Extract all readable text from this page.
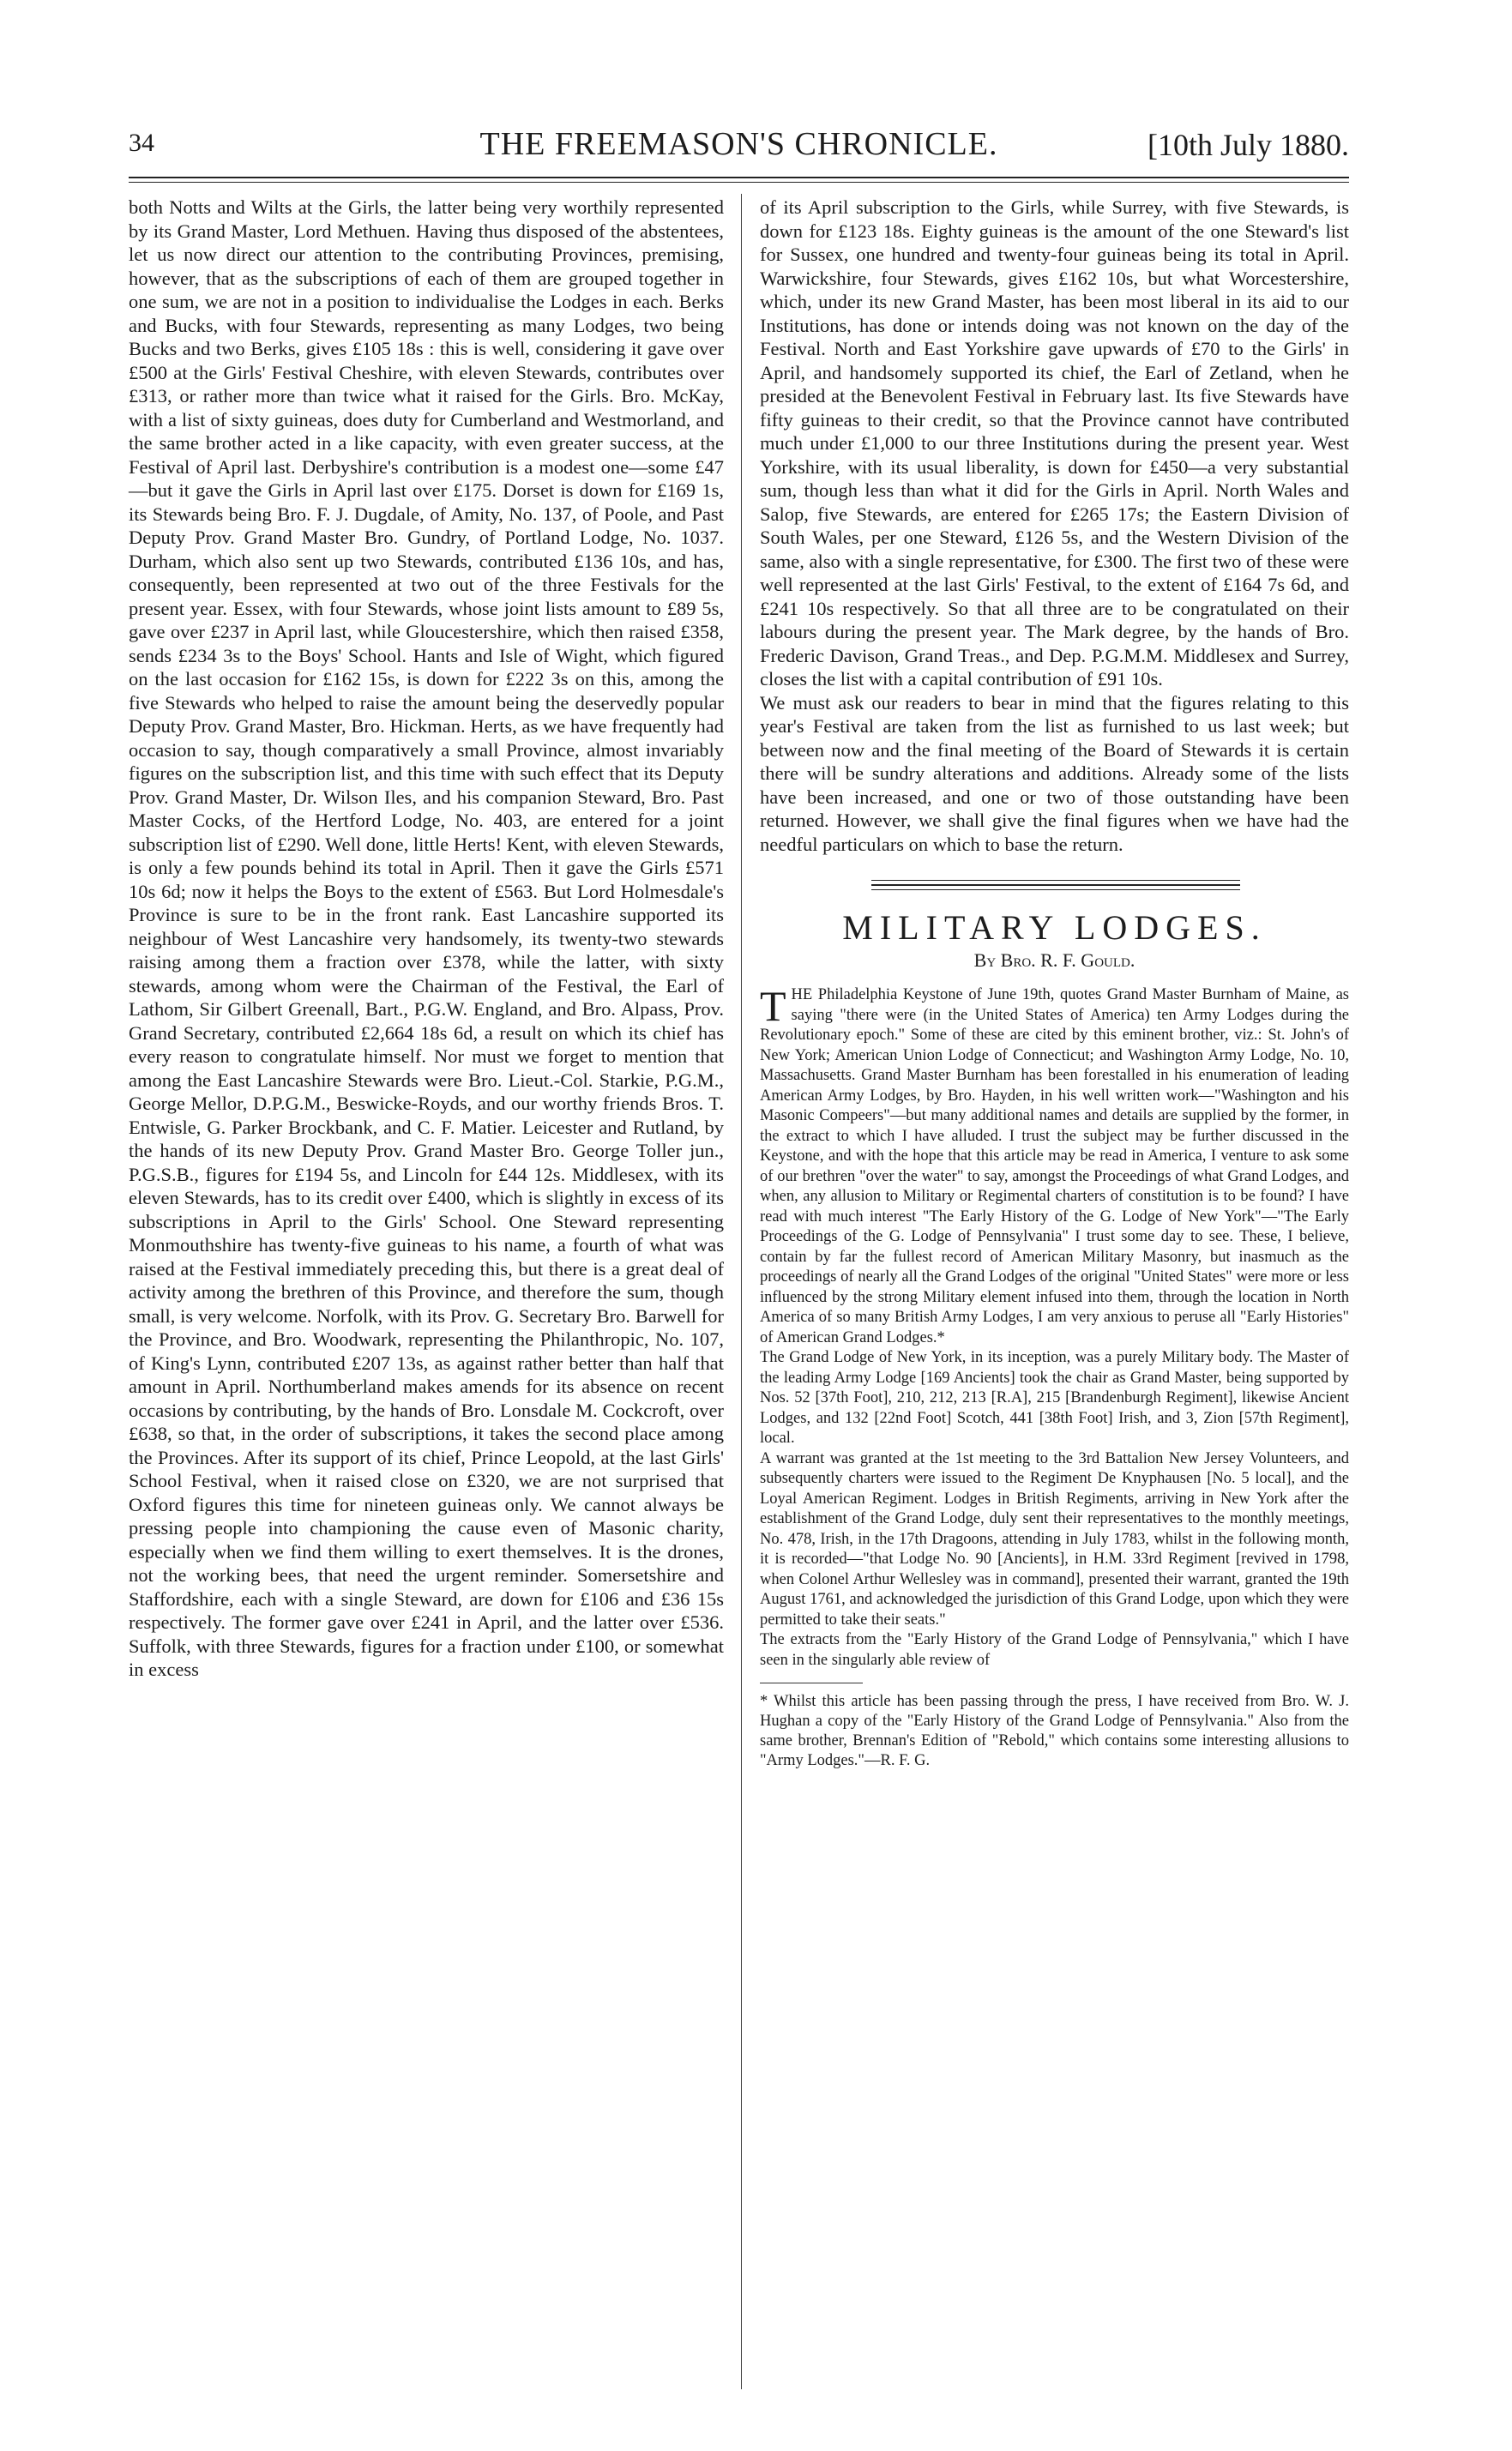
34	THE FREEMASON'S CHRONICLE.	[10th July 1880.

both Notts and Wilts at the Girls, the latter being very worthily represented by its Grand Master, Lord Methuen. Having thus disposed of the abstentees, let us now direct our attention to the contributing Provinces, premising, however, that as the subscriptions of each of them are grouped together in one sum, we are not in a position to individualise the Lodges in each. Berks and Bucks, with four Stewards, representing as many Lodges, two being Bucks and two Berks, gives £105 18s : this is well, considering it gave over £500 at the Girls' Festival Cheshire, with eleven Stewards, contributes over £313, or rather more than twice what it raised for the Girls. Bro. McKay, with a list of sixty guineas, does duty for Cumberland and Westmorland, and the same brother acted in a like capacity, with even greater success, at the Festival of April last. Derbyshire's contribution is a modest one—some £47—but it gave the Girls in April last over £175. Dorset is down for £169 1s, its Stewards being Bro. F. J. Dugdale, of Amity, No. 137, of Poole, and Past Deputy Prov. Grand Master Bro. Gundry, of Portland Lodge, No. 1037. Durham, which also sent up two Stewards, contributed £136 10s, and has, consequently, been represented at two out of the three Festivals for the present year. Essex, with four Stewards, whose joint lists amount to £89 5s, gave over £237 in April last, while Gloucestershire, which then raised £358, sends £234 3s to the Boys' School. Hants and Isle of Wight, which figured on the last occasion for £162 15s, is down for £222 3s on this, among the five Stewards who helped to raise the amount being the deservedly popular Deputy Prov. Grand Master, Bro. Hickman. Herts, as we have frequently had occasion to say, though comparatively a small Province, almost invariably figures on the subscription list, and this time with such effect that its Deputy Prov. Grand Master, Dr. Wilson Iles, and his companion Steward, Bro. Past Master Cocks, of the Hertford Lodge, No. 403, are entered for a joint subscription list of £290. Well done, little Herts! Kent, with eleven Stewards, is only a few pounds behind its total in April. Then it gave the Girls £571 10s 6d; now it helps the Boys to the extent of £563. But Lord Holmesdale's Province is sure to be in the front rank. East Lancashire supported its neighbour of West Lancashire very handsomely, its twenty-two stewards raising among them a fraction over £378, while the latter, with sixty stewards, among whom were the Chairman of the Festival, the Earl of Lathom, Sir Gilbert Greenall, Bart., P.G.W. England, and Bro. Alpass, Prov. Grand Secretary, contributed £2,664 18s 6d, a result on which its chief has every reason to congratulate himself. Nor must we forget to mention that among the East Lancashire Stewards were Bro. Lieut.-Col. Starkie, P.G.M., George Mellor, D.P.G.M., Beswicke-Royds, and our worthy friends Bros. T. Entwisle, G. Parker Brockbank, and C. F. Matier. Leicester and Rutland, by the hands of its new Deputy Prov. Grand Master Bro. George Toller jun., P.G.S.B., figures for £194 5s, and Lincoln for £44 12s. Middlesex, with its eleven Stewards, has to its credit over £400, which is slightly in excess of its subscriptions in April to the Girls' School. One Steward representing Monmouthshire has twenty-five guineas to his name, a fourth of what was raised at the Festival immediately preceding this, but there is a great deal of activity among the brethren of this Province, and therefore the sum, though small, is very welcome. Norfolk, with its Prov. G. Secretary Bro. Barwell for the Province, and Bro. Woodwark, representing the Philanthropic, No. 107, of King's Lynn, contributed £207 13s, as against rather better than half that amount in April. Northumberland makes amends for its absence on recent occasions by contributing, by the hands of Bro. Lonsdale M. Cockcroft, over £638, so that, in the order of subscriptions, it takes the second place among the Provinces. After its support of its chief, Prince Leopold, at the last Girls' School Festival, when it raised close on £320, we are not surprised that Oxford figures this time for nineteen guineas only. We cannot always be pressing people into championing the cause even of Masonic charity, especially when we find them willing to exert themselves. It is the drones, not the working bees, that need the urgent reminder. Somersetshire and Staffordshire, each with a single Steward, are down for £106 and £36 15s respectively. The former gave over £241 in April, and the latter over £536. Suffolk, with three Stewards, figures for a fraction under £100, or somewhat in excess

of its April subscription to the Girls, while Surrey, with five Stewards, is down for £123 18s. Eighty guineas is the amount of the one Steward's list for Sussex, one hundred and twenty-four guineas being its total in April. Warwickshire, four Stewards, gives £162 10s, but what Worcestershire, which, under its new Grand Master, has been most liberal in its aid to our Institutions, has done or intends doing was not known on the day of the Festival. North and East Yorkshire gave upwards of £70 to the Girls' in April, and handsomely supported its chief, the Earl of Zetland, when he presided at the Benevolent Festival in February last. Its five Stewards have fifty guineas to their credit, so that the Province cannot have contributed much under £1,000 to our three Institutions during the present year. West Yorkshire, with its usual liberality, is down for £450—a very substantial sum, though less than what it did for the Girls in April. North Wales and Salop, five Stewards, are entered for £265 17s; the Eastern Division of South Wales, per one Steward, £126 5s, and the Western Division of the same, also with a single representative, for £300. The first two of these were well represented at the last Girls' Festival, to the extent of £164 7s 6d, and £241 10s respectively. So that all three are to be congratulated on their labours during the present year. The Mark degree, by the hands of Bro. Frederic Davison, Grand Treas., and Dep. P.G.M.M. Middlesex and Surrey, closes the list with a capital contribution of £91 10s.

We must ask our readers to bear in mind that the figures relating to this year's Festival are taken from the list as furnished to us last week; but between now and the final meeting of the Board of Stewards it is certain there will be sundry alterations and additions. Already some of the lists have been increased, and one or two of those outstanding have been returned. However, we shall give the final figures when we have had the needful particulars on which to base the return.

MILITARY LODGES.
By Bro. R. F. Gould.

THE Philadelphia Keystone of June 19th, quotes Grand Master Burnham of Maine, as saying "there were (in the United States of America) ten Army Lodges during the Revolutionary epoch." Some of these are cited by this eminent brother, viz.: St. John's of New York; American Union Lodge of Connecticut; and Washington Army Lodge, No. 10, Massachusetts. Grand Master Burnham has been forestalled in his enumeration of leading American Army Lodges, by Bro. Hayden, in his well written work—"Washington and his Masonic Compeers"—but many additional names and details are supplied by the former, in the extract to which I have alluded. I trust the subject may be further discussed in the Keystone, and with the hope that this article may be read in America, I venture to ask some of our brethren "over the water" to say, amongst the Proceedings of what Grand Lodges, and when, any allusion to Military or Regimental charters of constitution is to be found? I have read with much interest "The Early History of the G. Lodge of New York"—"The Early Proceedings of the G. Lodge of Pennsylvania" I trust some day to see. These, I believe, contain by far the fullest record of American Military Masonry, but inasmuch as the proceedings of nearly all the Grand Lodges of the original "United States" were more or less influenced by the strong Military element infused into them, through the location in North America of so many British Army Lodges, I am very anxious to peruse all "Early Histories" of American Grand Lodges.*

The Grand Lodge of New York, in its inception, was a purely Military body. The Master of the leading Army Lodge [169 Ancients] took the chair as Grand Master, being supported by Nos. 52 [37th Foot], 210, 212, 213 [R.A], 215 [Brandenburgh Regiment], likewise Ancient Lodges, and 132 [22nd Foot] Scotch, 441 [38th Foot] Irish, and 3, Zion [57th Regiment], local.

A warrant was granted at the 1st meeting to the 3rd Battalion New Jersey Volunteers, and subsequently charters were issued to the Regiment De Knyphausen [No. 5 local], and the Loyal American Regiment. Lodges in British Regiments, arriving in New York after the establishment of the Grand Lodge, duly sent their representatives to the monthly meetings, No. 478, Irish, in the 17th Dragoons, attending in July 1783, whilst in the following month, it is recorded—"that Lodge No. 90 [Ancients], in H.M. 33rd Regiment [revived in 1798, when Colonel Arthur Wellesley was in command], presented their warrant, granted the 19th August 1761, and acknowledged the jurisdiction of this Grand Lodge, upon which they were permitted to take their seats."

The extracts from the "Early History of the Grand Lodge of Pennsylvania," which I have seen in the singularly able review of

* Whilst this article has been passing through the press, I have received from Bro. W. J. Hughan a copy of the "Early History of the Grand Lodge of Pennsylvania." Also from the same brother, Brennan's Edition of "Rebold," which contains some interesting allusions to "Army Lodges."—R. F. G.
